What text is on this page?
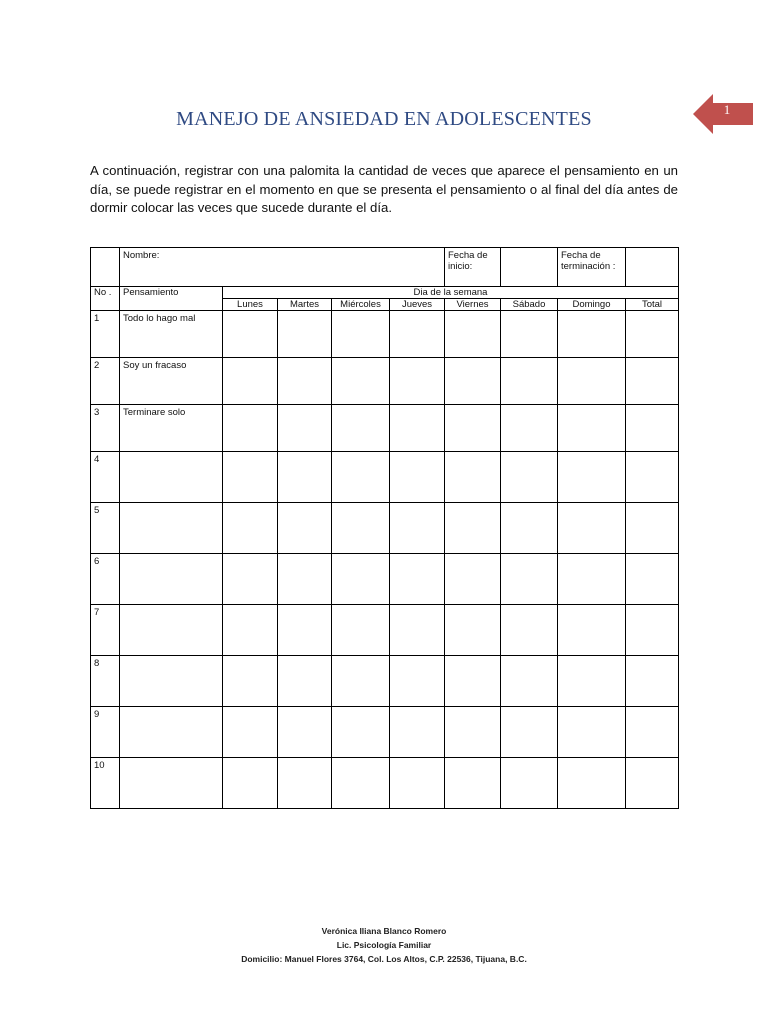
1
MANEJO DE ANSIEDAD EN ADOLESCENTES
A continuación, registrar con una palomita la cantidad de veces que aparece el pensamiento en un día, se puede registrar en el momento en que se presenta el pensamiento o al final del día antes de dormir colocar las veces que sucede durante el día.
	Nombre:					Fecha de inicio:		Fecha de terminación :	
No .	Pensamiento	Dia de la semana							
		Lunes	Martes	Miércoles	Jueves	Viernes	Sábado	Domingo	Total
1	Todo lo hago mal								
2	Soy un fracaso								
3	Terminare solo								
4									
5									
6									
7									
8									
9									
10									
Verónica Iliana Blanco Romero
Lic. Psicología Familiar
Domicilio: Manuel Flores 3764, Col. Los Altos, C.P. 22536, Tijuana, B.C.
